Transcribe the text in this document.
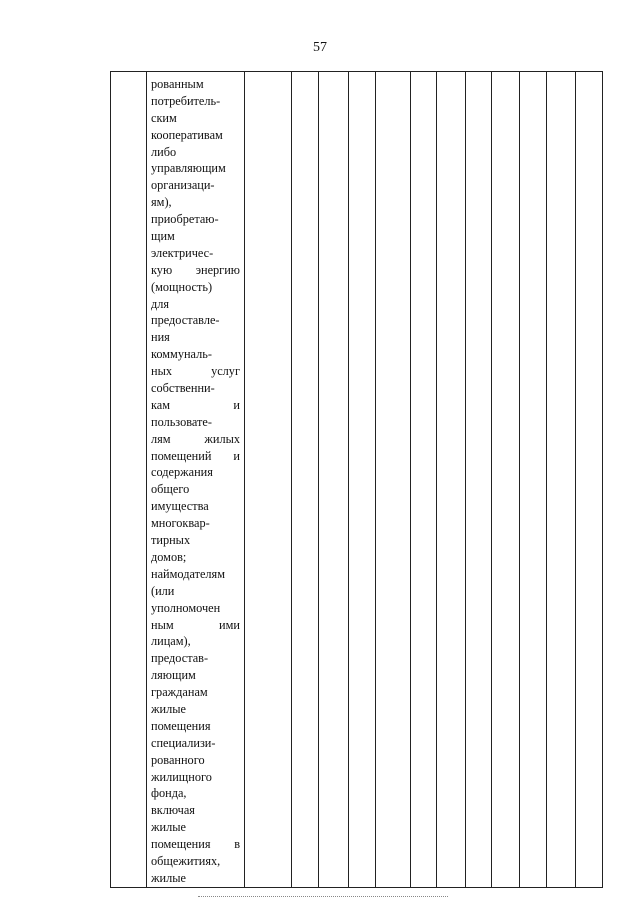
57

рованным
потребитель-
ским
кооперативам
либо
управляющим
организаци-
ям),
приобретаю-
щим
электричес-
кую энергию
(мощность)
для
предоставле-
ния
коммуналь-
ных	услуг
собственни-
кам	и
пользовате-
лям	жилых
помещений и
содержания
общего
имущества
многоквар-
тирных
домов;
наймодателям
(или
уполномочен
ным	ими
лицам),
предостав-
ляющим
гражданам
жилые
помещения
специализи-
рованного
жилищного
фонда,
включая
жилые
помещения в
общежитиях,
жилые
